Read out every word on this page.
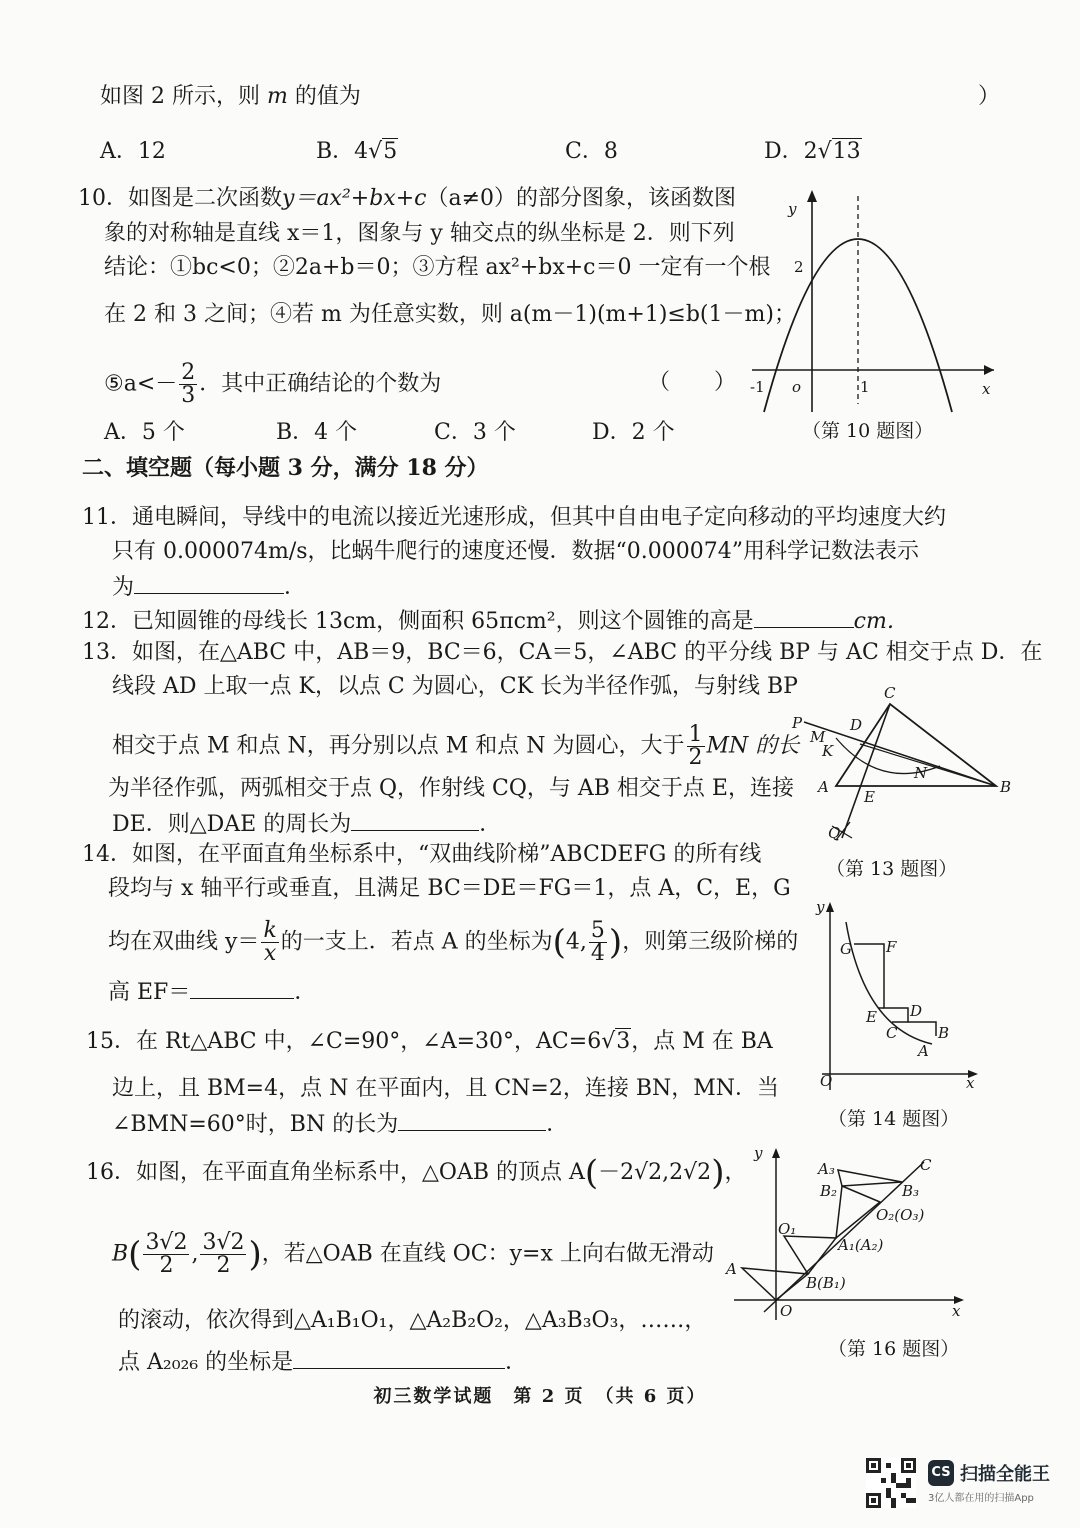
如图 2 所示，则 m 的值为	）
A．12	B．4√5	C．8	D．2√13
10．如图是二次函数y＝ax²+bx+c（a≠0）的部分图象，该函数图
象的对称轴是直线 x＝1，图象与 y 轴交点的纵坐标是 2．则下列
结论：①bc<0；②2a+b＝0；③方程 ax²+bx+c＝0 一定有一个根
在 2 和 3 之间；④若 m 为任意实数，则 a(m－1)(m+1)≤b(1－m)；
⑤a<－ $\frac{2}{3}$ ．其中正确结论的个数为	（　　）
A．5 个	B．4 个	C．3 个	D．2 个
y
x
2
-1 o	1
（第 10 题图）
二、填空题（每小题 3 分，满分 18 分）
11．通电瞬间，导线中的电流以接近光速形成，但其中自由电子定向移动的平均速度大约
只有 0.000074m/s，比蜗牛爬行的速度还慢．数据“0.000074”用科学记数法表示
为	．
12．已知圆锥的母线长 13cm，侧面积 65πcm²，则这个圆锥的高是	cm．
13．如图，在△ABC 中，AB＝9，BC＝6，CA＝5，∠ABC 的平分线 BP 与 AC 相交于点 D．在
线段 AD 上取一点 K，以点 C 为圆心，CK 长为半径作弧，与射线 BP
相交于点 M 和点 N，再分别以点 M 和点 N 为圆心，大于 $\frac{1}{2}$ MN 的长
为半径作弧，两弧相交于点 Q，作射线 CQ，与 AB 相交于点 E，连接
DE．则△DAE 的周长为	．
C
P	D
M
K
N
A
E
B
Q
（第 13 题图）
14．如图，在平面直角坐标系中，“双曲线阶梯”ABCDEFG 的所有线
段均与 x 轴平行或垂直，且满足 BC＝DE＝FG＝1，点 A，C，E，G
均在双曲线 $y= \frac{k}{x}$ 的一支上．若点 A 的坐标为(4, $\frac{5}{4}$ )，则第三级阶梯的
高 EF＝	．
G F
D
E
C	B
A
O
y
x
（第 14 题图）
15．在 Rt△ABC 中，∠C=90°，∠A=30°，AC=6√3，点 M 在 BA
边上，且 BM=4，点 N 在平面内，且 CN=2，连接 BN，MN．当
∠BMN=60°时，BN 的长为	．
16．如图，在平面直角坐标系中，△OAB 的顶点 A(－2√2,2√2)，
$B( \frac{3√2}{2}$ , $\frac{3√2}{2}$ )，若△OAB 在直线 OC：y=x 上向右做无滑动
的滚动，依次得到△A₁B₁O₁，△A₂B₂O₂，△A₃B₃O₃，……，
点 A₂₀₂₆ 的坐标是	．
y
x
O
A
C
A₃
B₂	B₃
O₂(O₃)
O₁
A₁(A₂)
B(B₁)
（第 16 题图）
初三数学试题　第 2 页　（共 6 页）
CS 扫描全能王
3亿人都在用的扫描App
